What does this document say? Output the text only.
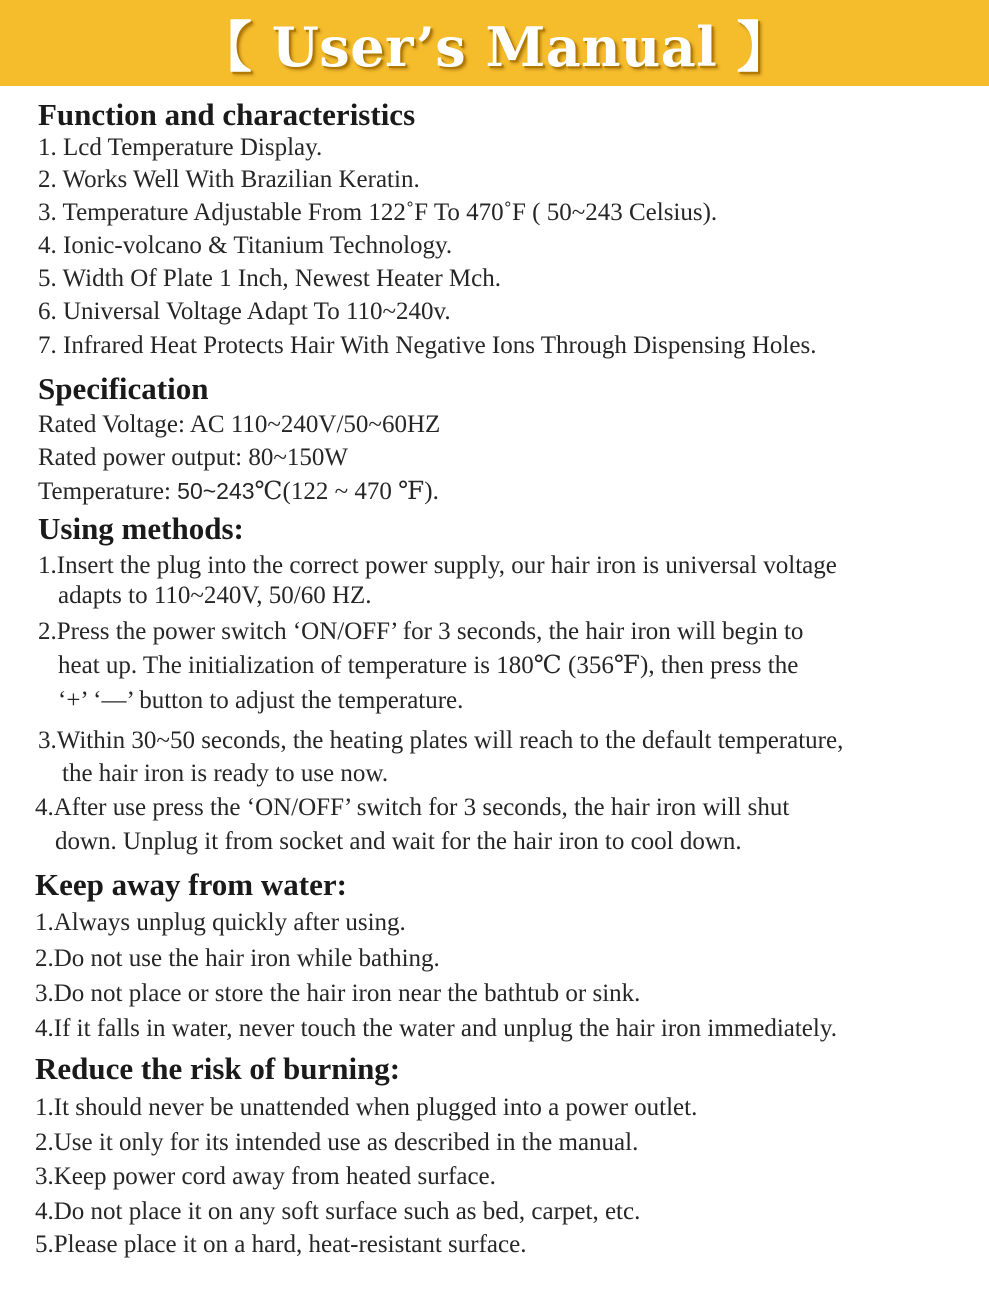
【 User’s Manual 】
Function and characteristics

1. Lcd Temperature Display.

2. Works Well With Brazilian Keratin.

3. Temperature Adjustable From 122˚F To 470˚F ( 50~243 Celsius).

4. Ionic-volcano & Titanium Technology.

5. Width Of Plate 1 Inch, Newest Heater Mch.

6. Universal Voltage Adapt To 110~240v.

7. Infrared Heat Protects Hair With Negative Ions Through Dispensing Holes.

Specification

Rated Voltage: AC 110~240V/50~60HZ

Rated power output: 80~150W

Temperature: 50~243℃(122 ~ 470 ℉).

Using methods:

1.Insert the plug into the correct power supply, our hair iron is universal voltage

adapts to 110~240V, 50/60 HZ.

2.Press the power switch ‘ON/OFF’ for 3 seconds, the hair iron will begin to

heat up. The initialization of temperature is 180℃ (356℉), then press the

‘+’ ‘—’ button to adjust the temperature.

3.Within 30~50 seconds, the heating plates will reach to the default temperature,

the hair iron is ready to use now.

4.After use press the ‘ON/OFF’ switch for 3 seconds, the hair iron will shut

down. Unplug it from socket and wait for the hair iron to cool down.

Keep away from water:

1.Always unplug quickly after using.

2.Do not use the hair iron while bathing.

3.Do not place or store the hair iron near the bathtub or sink.

4.If it falls in water, never touch the water and unplug the hair iron immediately.

Reduce the risk of burning:

1.It should never be unattended when plugged into a power outlet.

2.Use it only for its intended use as described in the manual.

3.Keep power cord away from heated surface.

4.Do not place it on any soft surface such as bed, carpet, etc.

5.Please place it on a hard, heat-resistant surface.
